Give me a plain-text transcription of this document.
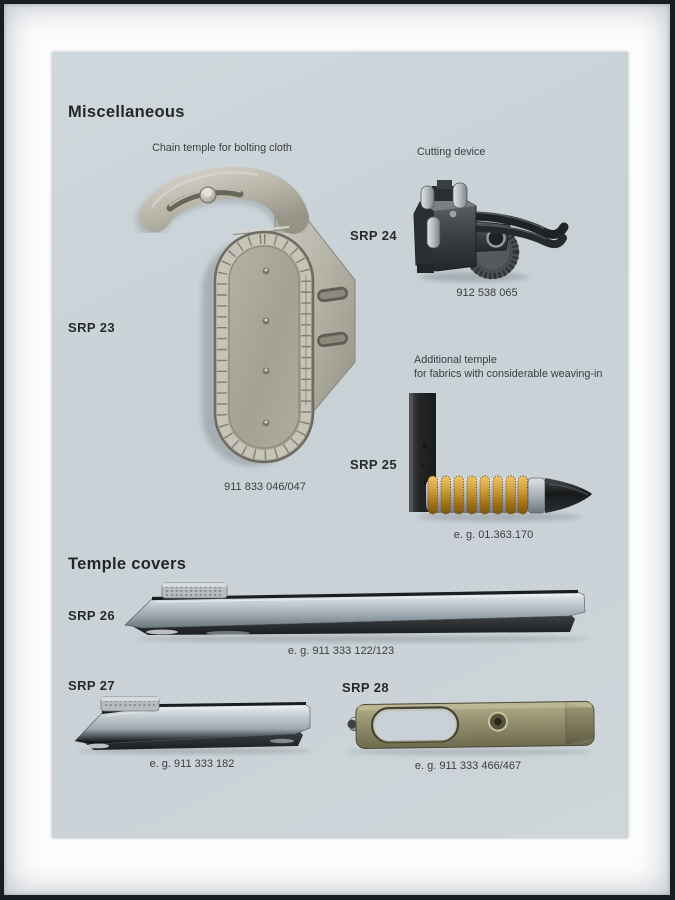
Miscellaneous
Chain temple for bolting cloth
SRP 23
911 833 046/047
Cutting device
SRP 24
912 538 065
Additional temple
for fabrics with considerable weaving-in
SRP 25
e. g. 01.363.170
Temple covers
SRP 26
e. g. 911 333 122/123
SRP 27
e. g. 911 333 182
SRP 28
e. g. 911 333 466/467
